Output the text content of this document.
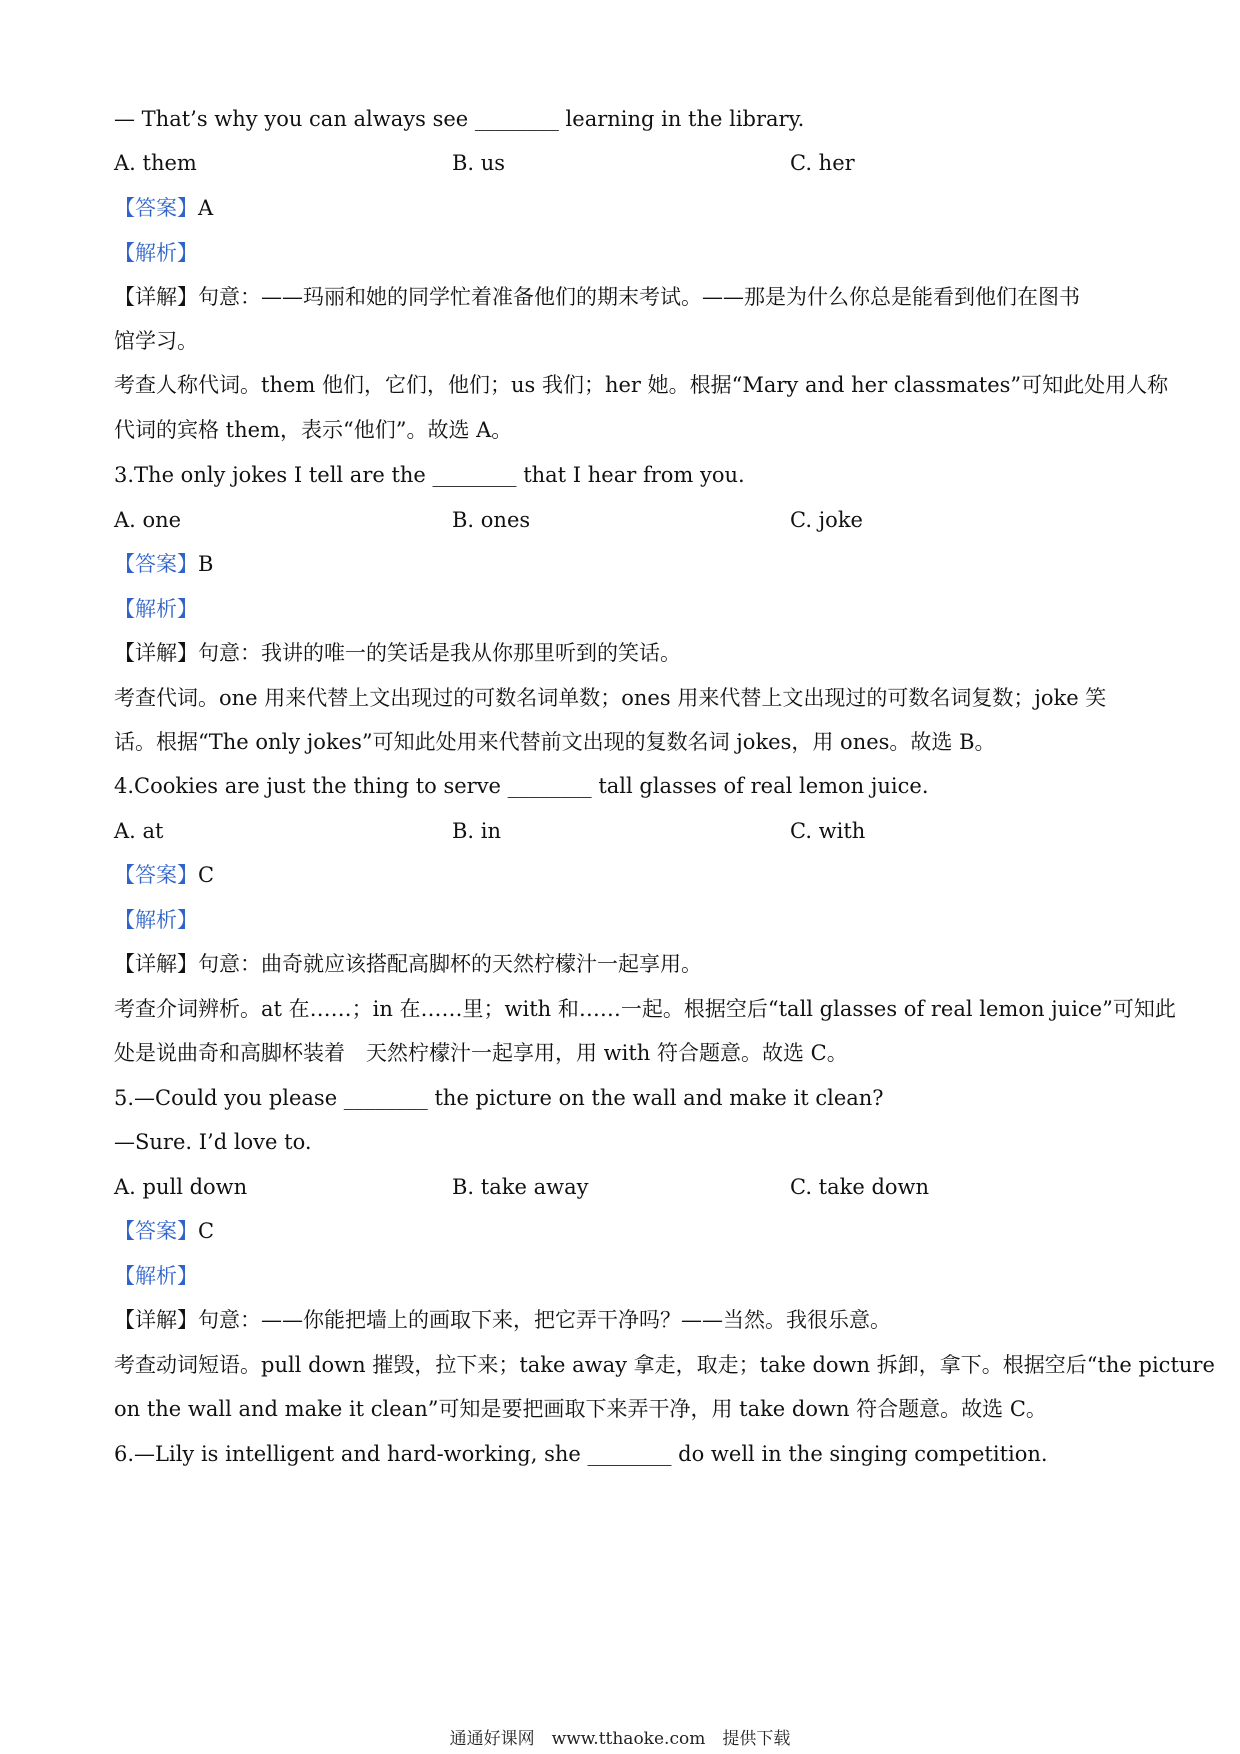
— That’s why you can always see ________ learning in the library.
A. them	B. us	C. her
【答案】A
【解析】
【详解】句意：——玛丽和她的同学忙着准备他们的期末考试。——那是为什么你总是能看到他们在图书
馆学习。
考查人称代词。them 他们，它们，他们；us 我们；her 她。根据“Mary and her classmates”可知此处用人称
代词的宾格 them，表示“他们”。故选 A。
3.The only jokes I tell are the ________ that I hear from you.
A. one	B. ones	C. joke
【答案】B
【解析】
【详解】句意：我讲的唯一的笑话是我从你那里听到的笑话。
考查代词。one 用来代替上文出现过的可数名词单数；ones 用来代替上文出现过的可数名词复数；joke 笑
话。根据“The only jokes”可知此处用来代替前文出现的复数名词 jokes，用 ones。故选 B。
4.Cookies are just the thing to serve ________ tall glasses of real lemon juice.
A. at	B. in	C. with
【答案】C
【解析】
【详解】句意：曲奇就应该搭配高脚杯的天然柠檬汁一起享用。
考查介词辨析。at 在……；in 在……里；with 和……一起。根据空后“tall glasses of real lemon juice”可知此
处是说曲奇和高脚杯装着　天然柠檬汁一起享用，用 with 符合题意。故选 C。
5.—Could you please ________ the picture on the wall and make it clean?
—Sure. I’d love to.
A. pull down	B. take away	C. take down
【答案】C
【解析】
【详解】句意：——你能把墙上的画取下来，把它弄干净吗？——当然。我很乐意。
考查动词短语。pull down 摧毁，拉下来；take away 拿走，取走；take down 拆卸，拿下。根据空后“the picture
on the wall and make it clean”可知是要把画取下来弄干净，用 take down 符合题意。故选 C。
6.—Lily is intelligent and hard-working, she ________ do well in the singing competition.
通通好课网　www.tthaoke.com　提供下载
